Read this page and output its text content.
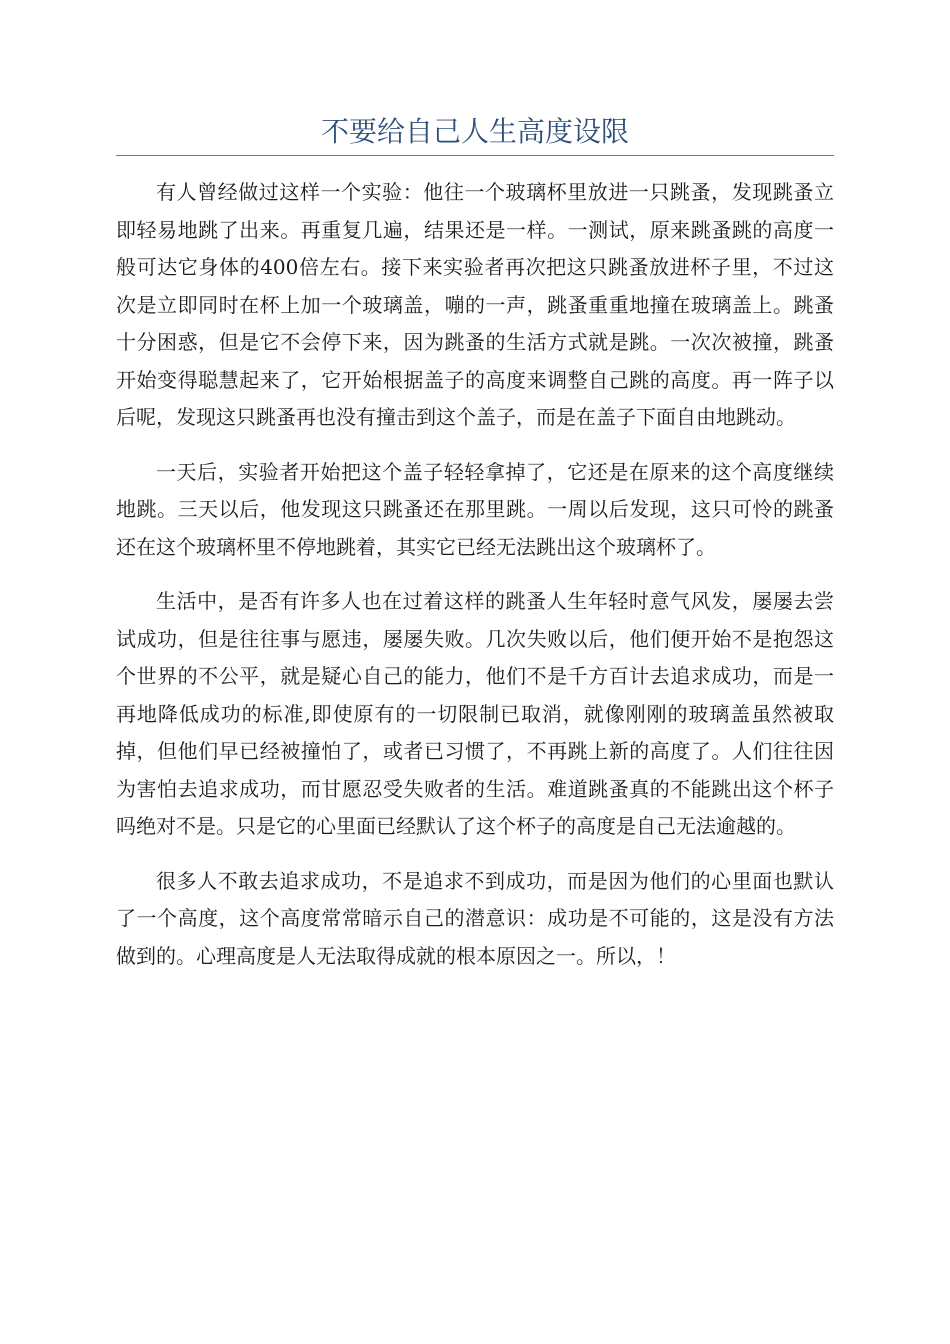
不要给自己人生高度设限

有人曾经做过这样一个实验：他往一个玻璃杯里放进一只跳蚤，发现跳蚤立即轻易地跳了出来。再重复几遍，结果还是一样。一测试，原来跳蚤跳的高度一般可达它身体的400倍左右。接下来实验者再次把这只跳蚤放进杯子里，不过这次是立即同时在杯上加一个玻璃盖，嘣的一声，跳蚤重重地撞在玻璃盖上。跳蚤十分困惑，但是它不会停下来，因为跳蚤的生活方式就是跳。一次次被撞，跳蚤开始变得聪慧起来了，它开始根据盖子的高度来调整自己跳的高度。再一阵子以后呢，发现这只跳蚤再也没有撞击到这个盖子，而是在盖子下面自由地跳动。

一天后，实验者开始把这个盖子轻轻拿掉了，它还是在原来的这个高度继续地跳。三天以后，他发现这只跳蚤还在那里跳。一周以后发现，这只可怜的跳蚤还在这个玻璃杯里不停地跳着，其实它已经无法跳出这个玻璃杯了。

生活中，是否有许多人也在过着这样的跳蚤人生年轻时意气风发，屡屡去尝试成功，但是往往事与愿违，屡屡失败。几次失败以后，他们便开始不是抱怨这个世界的不公平，就是疑心自己的能力，他们不是千方百计去追求成功，而是一再地降低成功的标准,即使原有的一切限制已取消，就像刚刚的玻璃盖虽然被取掉，但他们早已经被撞怕了，或者已习惯了，不再跳上新的高度了。人们往往因为害怕去追求成功，而甘愿忍受失败者的生活。难道跳蚤真的不能跳出这个杯子吗绝对不是。只是它的心里面已经默认了这个杯子的高度是自己无法逾越的。

很多人不敢去追求成功，不是追求不到成功，而是因为他们的心里面也默认了一个高度，这个高度常常暗示自己的潜意识：成功是不可能的，这是没有方法做到的。心理高度是人无法取得成就的根本原因之一。所以，！
